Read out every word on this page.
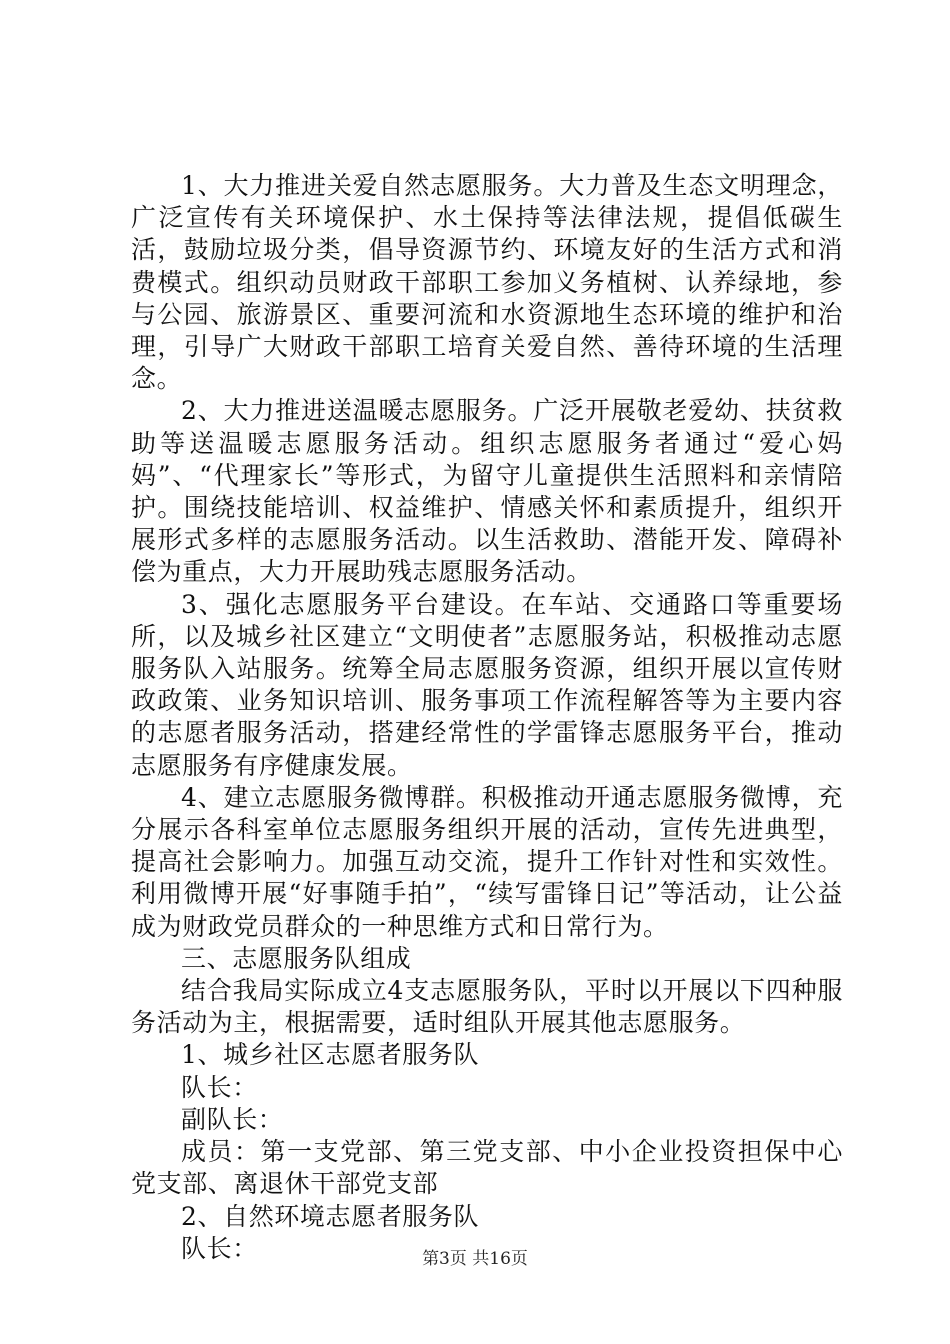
1、大力推进关爱自然志愿服务。大力普及生态文明理念，广泛宣传有关环境保护、水土保持等法律法规，提倡低碳生活，鼓励垃圾分类，倡导资源节约、环境友好的生活方式和消费模式。组织动员财政干部职工参加义务植树、认养绿地，参与公园、旅游景区、重要河流和水资源地生态环境的维护和治理，引导广大财政干部职工培育关爱自然、善待环境的生活理念。

2、大力推进送温暖志愿服务。广泛开展敬老爱幼、扶贫救助等送温暖志愿服务活动。组织志愿服务者通过“爱心妈妈”、“代理家长”等形式，为留守儿童提供生活照料和亲情陪护。围绕技能培训、权益维护、情感关怀和素质提升，组织开展形式多样的志愿服务活动。以生活救助、潜能开发、障碍补偿为重点，大力开展助残志愿服务活动。

3、强化志愿服务平台建设。在车站、交通路口等重要场所，以及城乡社区建立“文明使者”志愿服务站，积极推动志愿服务队入站服务。统筹全局志愿服务资源，组织开展以宣传财政政策、业务知识培训、服务事项工作流程解答等为主要内容的志愿者服务活动，搭建经常性的学雷锋志愿服务平台，推动志愿服务有序健康发展。

4、建立志愿服务微博群。积极推动开通志愿服务微博，充分展示各科室单位志愿服务组织开展的活动，宣传先进典型，提高社会影响力。加强互动交流，提升工作针对性和实效性。利用微博开展“好事随手拍”，“续写雷锋日记”等活动，让公益成为财政党员群众的一种思维方式和日常行为。

三、志愿服务队组成

结合我局实际成立4支志愿服务队，平时以开展以下四种服务活动为主，根据需要，适时组队开展其他志愿服务。

1、城乡社区志愿者服务队

队长：

副队长：

成员：第一支党部、第三党支部、中小企业投资担保中心党支部、离退休干部党支部

2、自然环境志愿者服务队

队长：	第3页 共16页
